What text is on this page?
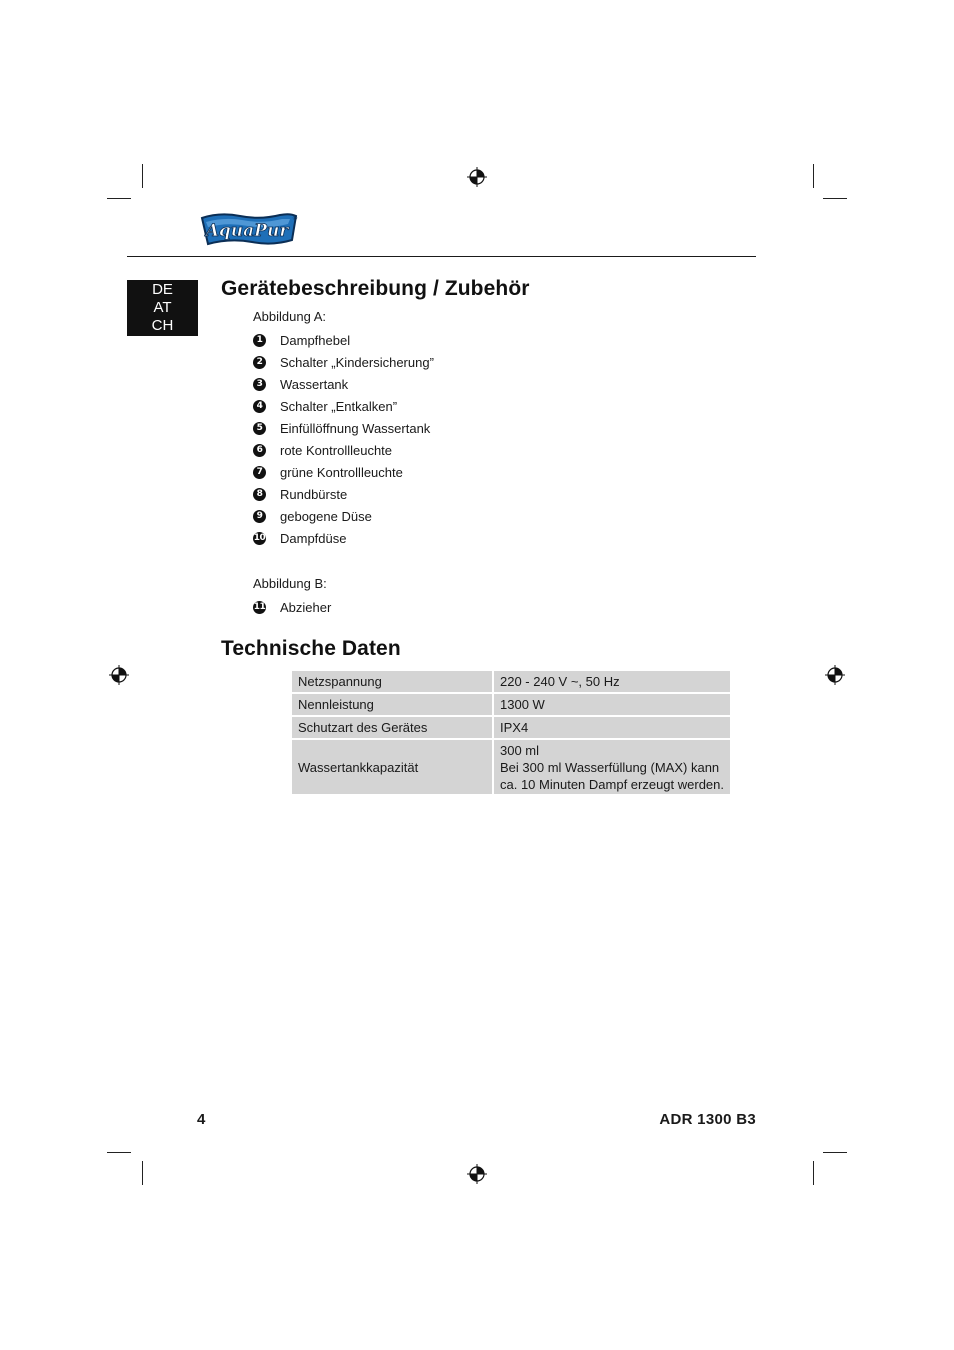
AquaPur
®
DE
AT
CH
Gerätebeschreibung / Zubehör
Abbildung A:
1 Dampfhebel
2 Schalter „Kindersicherung”
3 Wassertank
4 Schalter „Entkalken”
5 Einfüllöffnung Wassertank
6 rote Kontrollleuchte
7 grüne Kontrollleuchte
8 Rundbürste
9 gebogene Düse
10 Dampfdüse
Abbildung B:
11 Abzieher
Technische Daten
Netzspannung	220 - 240 V ~, 50 Hz
Nennleistung	1300 W
Schutzart des Gerätes	IPX4
Wassertankkapazität	300 ml
Bei 300 ml Wasserfüllung (MAX) kann
ca. 10 Minuten Dampf erzeugt werden.
4	ADR 1300 B3
